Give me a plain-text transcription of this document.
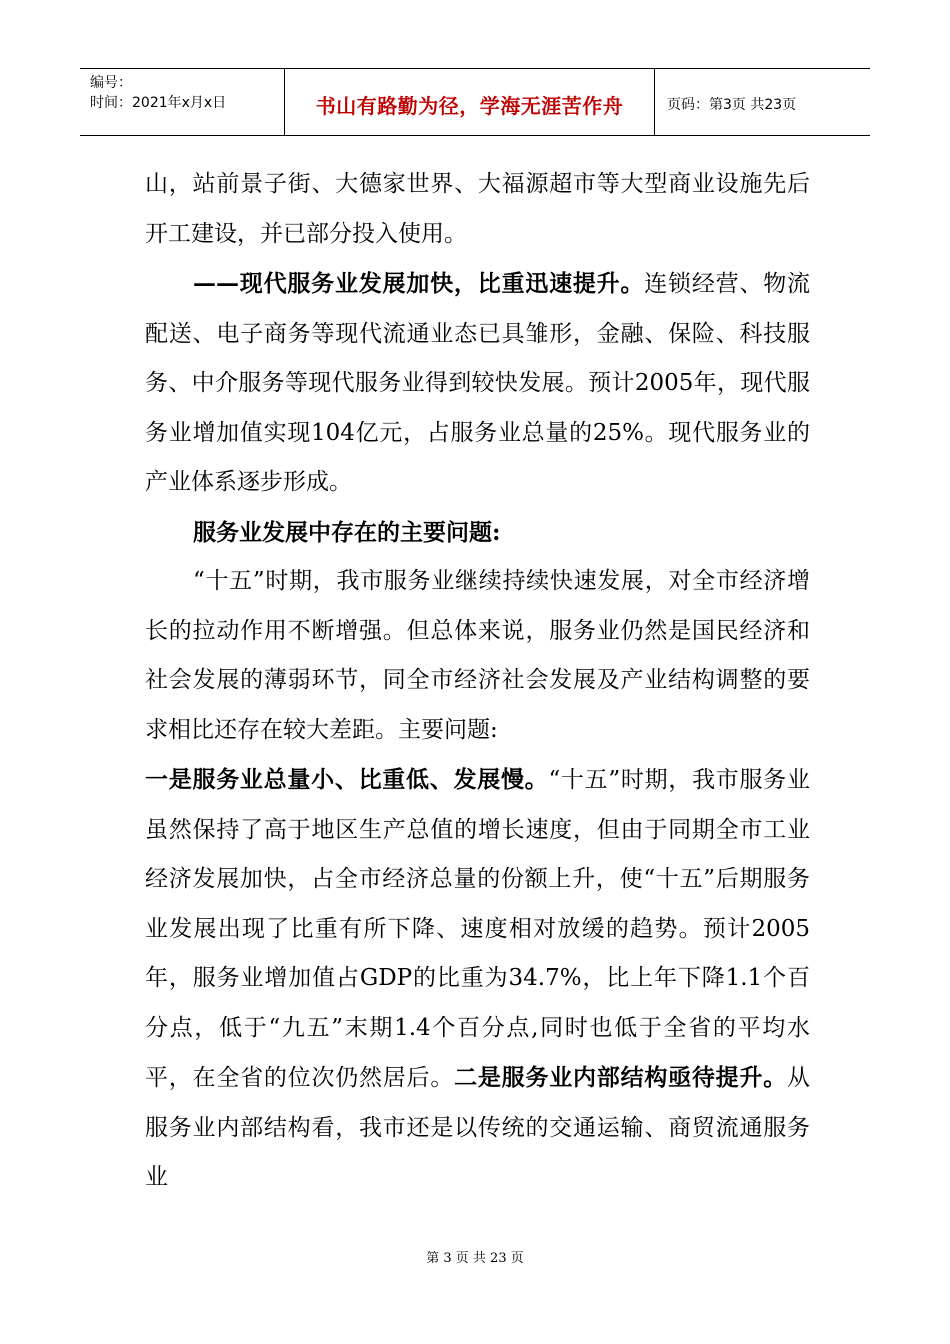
编号：
时间：2021年x月x日	书山有路勤为径，学海无涯苦作舟	页码：第3页 共23页

山，站前景子街、大德家世界、大福源超市等大型商业设施先后开工建设，并已部分投入使用。

——现代服务业发展加快，比重迅速提升。连锁经营、物流配送、电子商务等现代流通业态已具雏形，金融、保险、科技服务、中介服务等现代服务业得到较快发展。预计2005年，现代服务业增加值实现104亿元，占服务业总量的25%。现代服务业的产业体系逐步形成。

服务业发展中存在的主要问题:

“十五”时期，我市服务业继续持续快速发展，对全市经济增长的拉动作用不断增强。但总体来说，服务业仍然是国民经济和社会发展的薄弱环节，同全市经济社会发展及产业结构调整的要求相比还存在较大差距。主要问题:

一是服务业总量小、比重低、发展慢。“十五”时期，我市服务业虽然保持了高于地区生产总值的增长速度，但由于同期全市工业经济发展加快，占全市经济总量的份额上升，使“十五”后期服务业发展出现了比重有所下降、速度相对放缓的趋势。预计2005年，服务业增加值占GDP的比重为34.7%，比上年下降1.1个百分点，低于“九五”末期1.4个百分点,同时也低于全省的平均水平，在全省的位次仍然居后。二是服务业内部结构亟待提升。从服务业内部结构看，我市还是以传统的交通运输、商贸流通服务业

第 3 页 共 23 页
